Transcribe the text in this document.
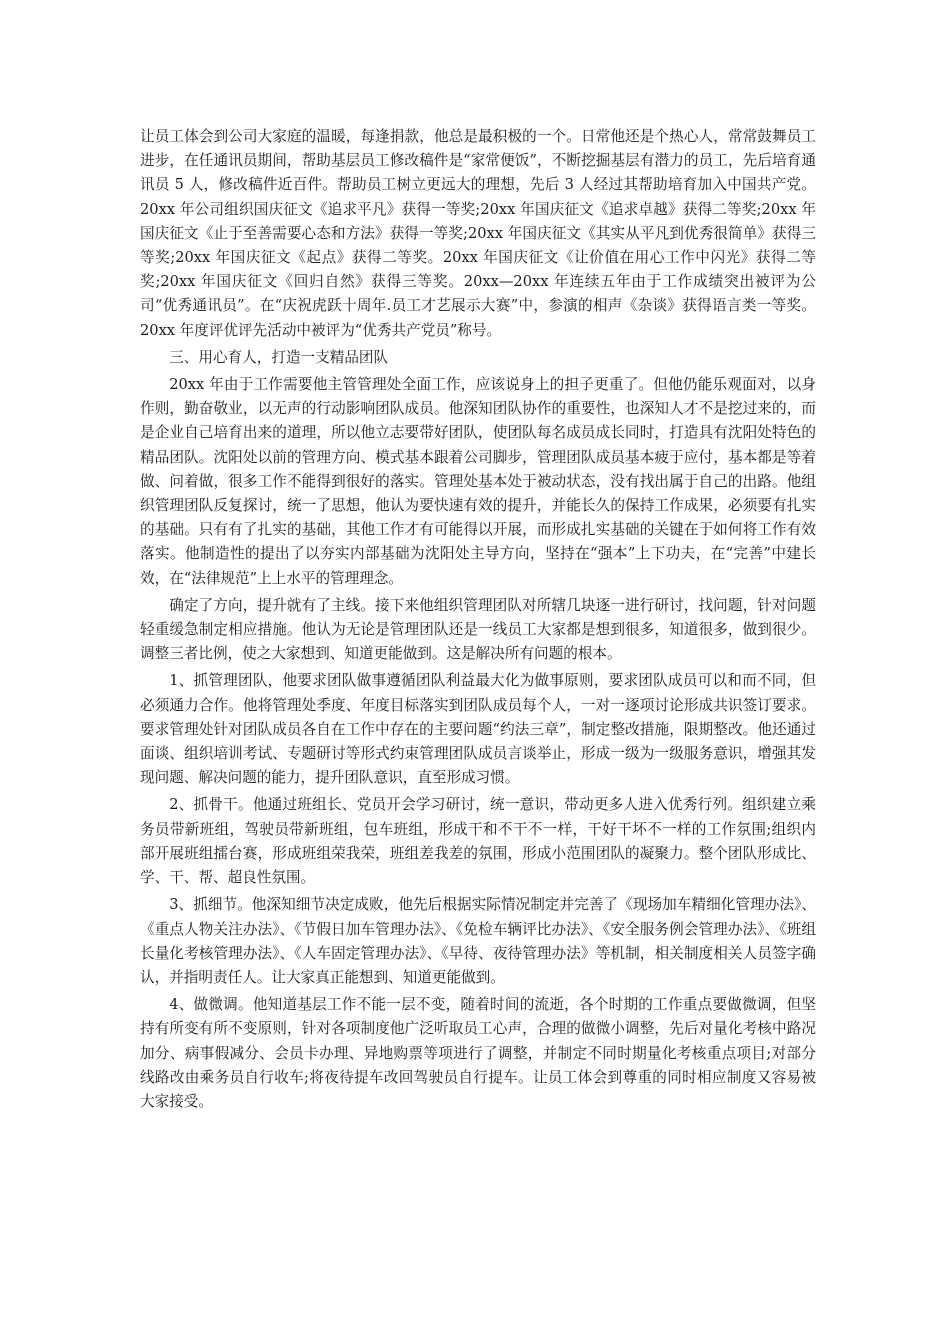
让员工体会到公司大家庭的温暖，每逢捐款，他总是最积极的一个。日常他还是个热心人，常常鼓舞员工进步，在任通讯员期间，帮助基层员工修改稿件是“家常便饭”，不断挖掘基层有潜力的员工，先后培育通讯员 5 人，修改稿件近百件。帮助员工树立更远大的理想，先后 3 人经过其帮助培育加入中国共产党。20xx 年公司组织国庆征文《追求平凡》获得一等奖;20xx 年国庆征文《追求卓越》获得二等奖;20xx 年国庆征文《止于至善需要心态和方法》获得一等奖;20xx 年国庆征文《其实从平凡到优秀很简单》获得三等奖;20xx 年国庆征文《起点》获得二等奖。20xx 年国庆征文《让价值在用心工作中闪光》获得二等奖;20xx 年国庆征文《回归自然》获得三等奖。20xx—20xx 年连续五年由于工作成绩突出被评为公司“优秀通讯员”。在“庆祝虎跃十周年.员工才艺展示大赛”中，参演的相声《杂谈》获得语言类一等奖。20xx 年度评优评先活动中被评为“优秀共产党员”称号。

三、用心育人，打造一支精品团队

20xx 年由于工作需要他主管管理处全面工作，应该说身上的担子更重了。但他仍能乐观面对，以身作则，勤奋敬业，以无声的行动影响团队成员。他深知团队协作的重要性，也深知人才不是挖过来的，而是企业自己培育出来的道理，所以他立志要带好团队，使团队每名成员成长同时，打造具有沈阳处特色的精品团队。沈阳处以前的管理方向、模式基本跟着公司脚步，管理团队成员基本疲于应付，基本都是等着做、问着做，很多工作不能得到很好的落实。管理处基本处于被动状态，没有找出属于自己的出路。他组织管理团队反复探讨，统一了思想，他认为要快速有效的提升，并能长久的保持工作成果，必须要有扎实的基础。只有有了扎实的基础，其他工作才有可能得以开展，而形成扎实基础的关键在于如何将工作有效落实。他制造性的提出了以夯实内部基础为沈阳处主导方向，坚持在“强本”上下功夫，在“完善”中建长效，在“法律规范”上上水平的管理理念。

确定了方向，提升就有了主线。接下来他组织管理团队对所辖几块逐一进行研讨，找问题，针对问题轻重缓急制定相应措施。他认为无论是管理团队还是一线员工大家都是想到很多，知道很多，做到很少。调整三者比例，使之大家想到、知道更能做到。这是解决所有问题的根本。

1、抓管理团队，他要求团队做事遵循团队利益最大化为做事原则，要求团队成员可以和而不同，但必须通力合作。他将管理处季度、年度目标落实到团队成员每个人，一对一逐项讨论形成共识签订要求。要求管理处针对团队成员各自在工作中存在的主要问题“约法三章”，制定整改措施，限期整改。他还通过面谈、组织培训考试、专题研讨等形式约束管理团队成员言谈举止，形成一级为一级服务意识，增强其发现问题、解决问题的能力，提升团队意识，直至形成习惯。

2、抓骨干。他通过班组长、党员开会学习研讨，统一意识，带动更多人进入优秀行列。组织建立乘务员带新班组，驾驶员带新班组，包车班组，形成干和不干不一样，干好干坏不一样的工作氛围;组织内部开展班组擂台赛，形成班组荣我荣，班组差我差的氛围，形成小范围团队的凝聚力。整个团队形成比、学、干、帮、超良性氛围。

3、抓细节。他深知细节决定成败，他先后根据实际情况制定并完善了《现场加车精细化管理办法》、《重点人物关注办法》、《节假日加车管理办法》、《免检车辆评比办法》、《安全服务例会管理办法》、《班组长量化考核管理办法》、《人车固定管理办法》、《早待、夜待管理办法》等机制，相关制度相关人员签字确认，并指明责任人。让大家真正能想到、知道更能做到。

4、做微调。他知道基层工作不能一层不变，随着时间的流逝，各个时期的工作重点要做微调，但坚持有所变有所不变原则，针对各项制度他广泛听取员工心声，合理的做微小调整，先后对量化考核中路况加分、病事假减分、会员卡办理、异地购票等项进行了调整，并制定不同时期量化考核重点项目;对部分线路改由乘务员自行收车;将夜待提车改回驾驶员自行提车。让员工体会到尊重的同时相应制度又容易被大家接受。
